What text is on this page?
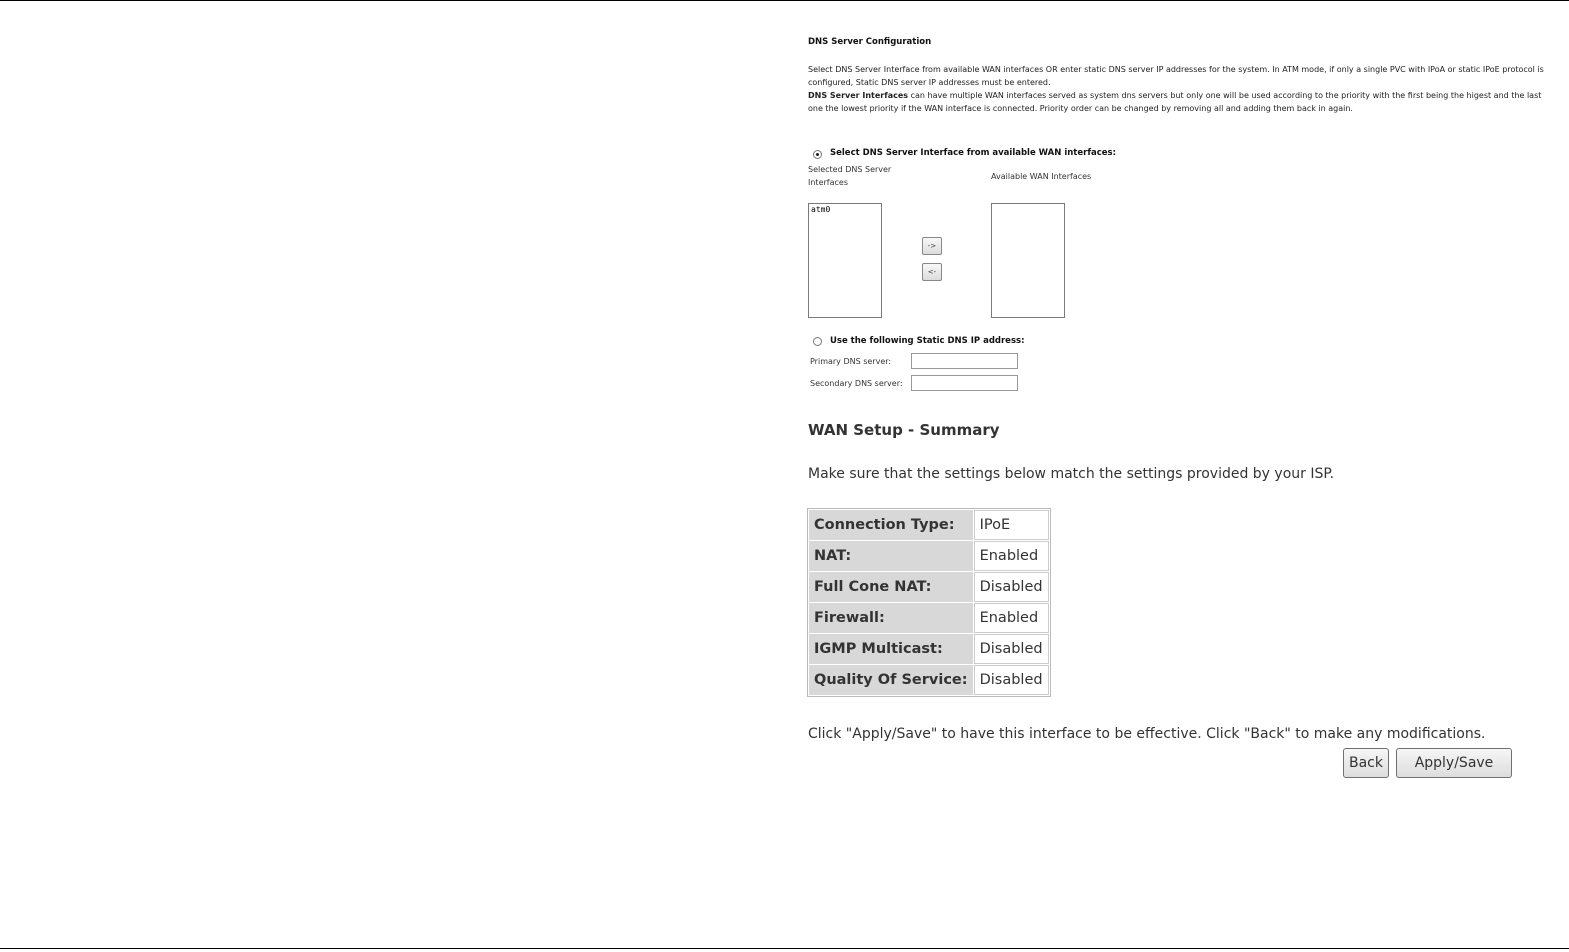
DNS Server Configuration
Select DNS Server Interface from available WAN interfaces OR enter static DNS server IP addresses for the system. In ATM mode, if only a single PVC with IPoA or static IPoE protocol is configured, Static DNS server IP addresses must be entered.
DNS Server Interfaces can have multiple WAN interfaces served as system dns servers but only one will be used according to the priority with the first being the higest and the last one the lowest priority if the WAN interface is connected. Priority order can be changed by removing all and adding them back in again.
Select DNS Server Interface from available WAN interfaces:
Selected DNS Server Interfaces
Available WAN Interfaces
atm0
->
<-
Use the following Static DNS IP address:
Primary DNS server:
Secondary DNS server:
WAN Setup - Summary
Make sure that the settings below match the settings provided by your ISP.
Connection Type:	IPoE
NAT:	Enabled
Full Cone NAT:	Disabled
Firewall:	Enabled
IGMP Multicast:	Disabled
Quality Of Service:	Disabled
Click "Apply/Save" to have this interface to be effective. Click "Back" to make any modifications.
Back	Apply/Save
